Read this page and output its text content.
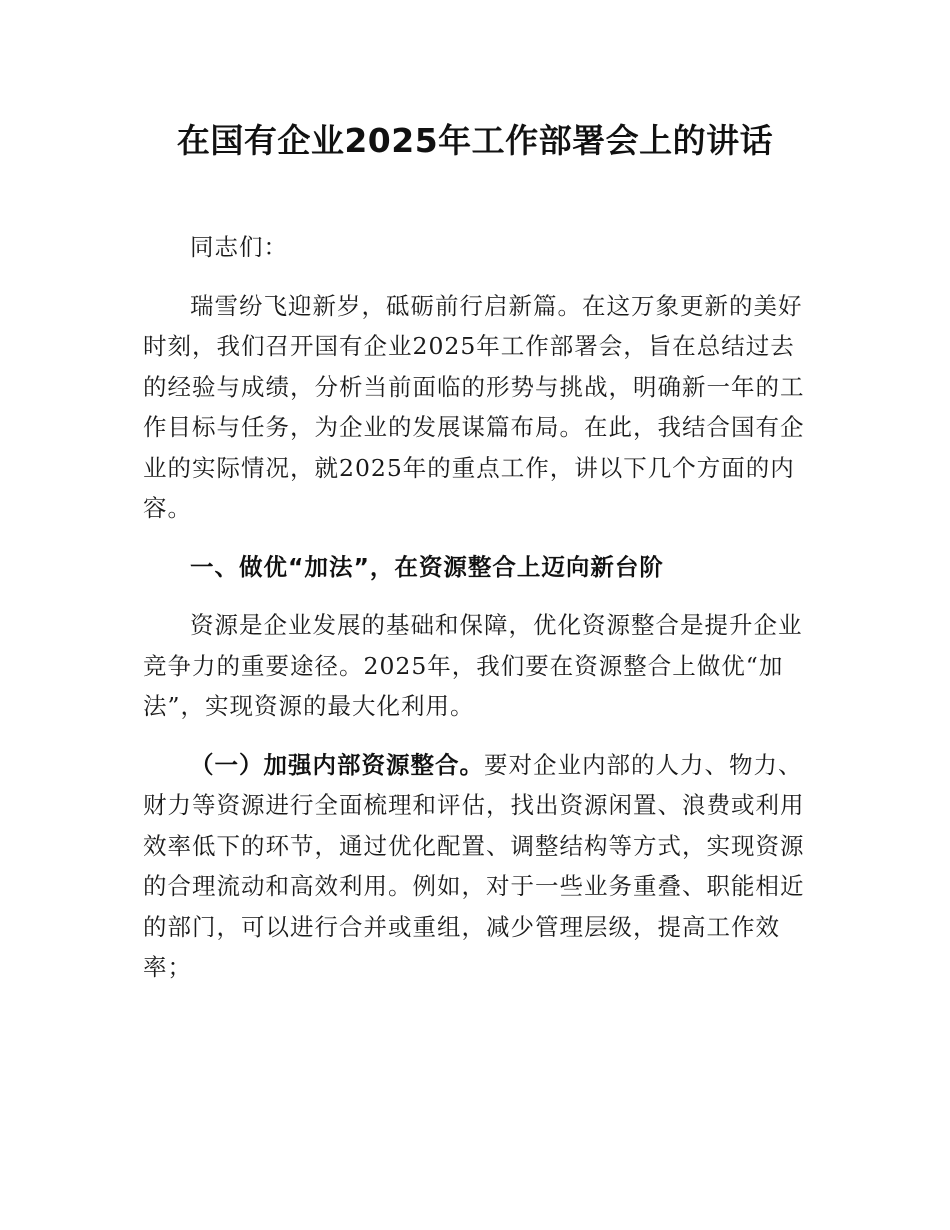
在国有企业2025年工作部署会上的讲话

同志们：

瑞雪纷飞迎新岁，砥砺前行启新篇。在这万象更新的美好时刻，我们召开国有企业2025年工作部署会，旨在总结过去的经验与成绩，分析当前面临的形势与挑战，明确新一年的工作目标与任务，为企业的发展谋篇布局。在此，我结合国有企业的实际情况，就2025年的重点工作，讲以下几个方面的内容。

一、做优“加法”，在资源整合上迈向新台阶

资源是企业发展的基础和保障，优化资源整合是提升企业竞争力的重要途径。2025年，我们要在资源整合上做优“加法”，实现资源的最大化利用。

（一）加强内部资源整合。要对企业内部的人力、物力、财力等资源进行全面梳理和评估，找出资源闲置、浪费或利用效率低下的环节，通过优化配置、调整结构等方式，实现资源的合理流动和高效利用。例如，对于一些业务重叠、职能相近的部门，可以进行合并或重组，减少管理层级，提高工作效率；
